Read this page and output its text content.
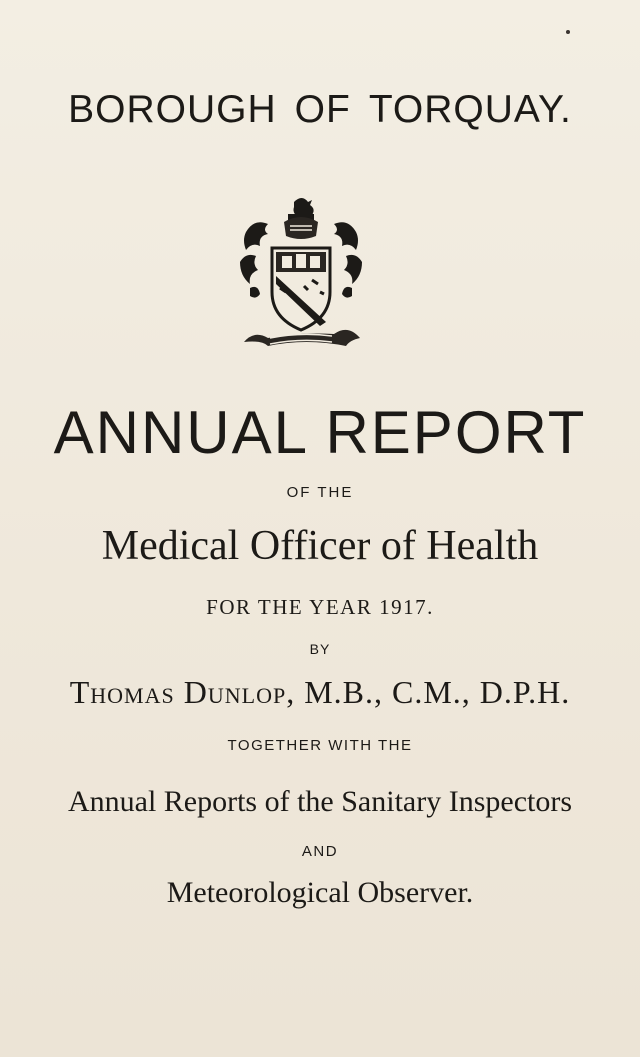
BOROUGH OF TORQUAY.
ANNUAL REPORT
OF THE
Medical Officer of Health
FOR THE YEAR 1917.
BY
Thomas Dunlop, M.B., C.M., D.P.H.
TOGETHER WITH THE
Annual Reports of the Sanitary Inspectors
AND
Meteorological Observer.
